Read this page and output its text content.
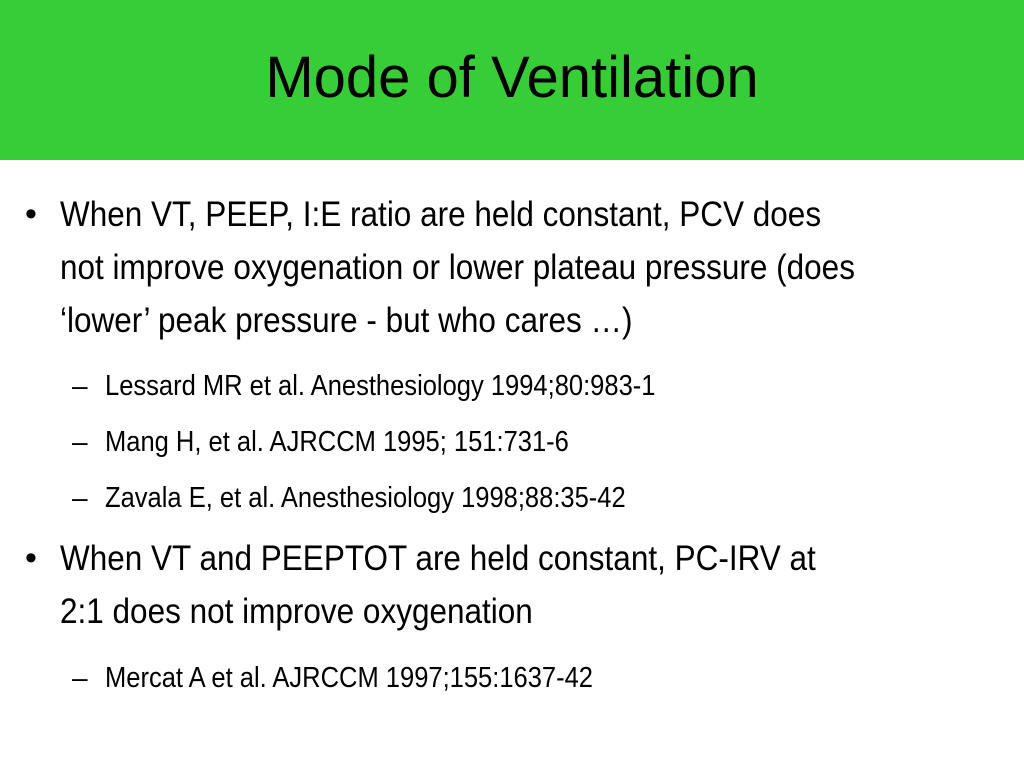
Mode of Ventilation
• When VT, PEEP, I:E ratio are held constant, PCV does
not improve oxygenation or lower plateau pressure (does
‘lower’ peak pressure - but who cares …)
– Lessard MR et al. Anesthesiology 1994;80:983-1
– Mang H, et al. AJRCCM 1995; 151:731-6
– Zavala E, et al. Anesthesiology 1998;88:35-42
• When VT and PEEPTOT are held constant, PC-IRV at
2:1 does not improve oxygenation
– Mercat A et al. AJRCCM 1997;155:1637-42
